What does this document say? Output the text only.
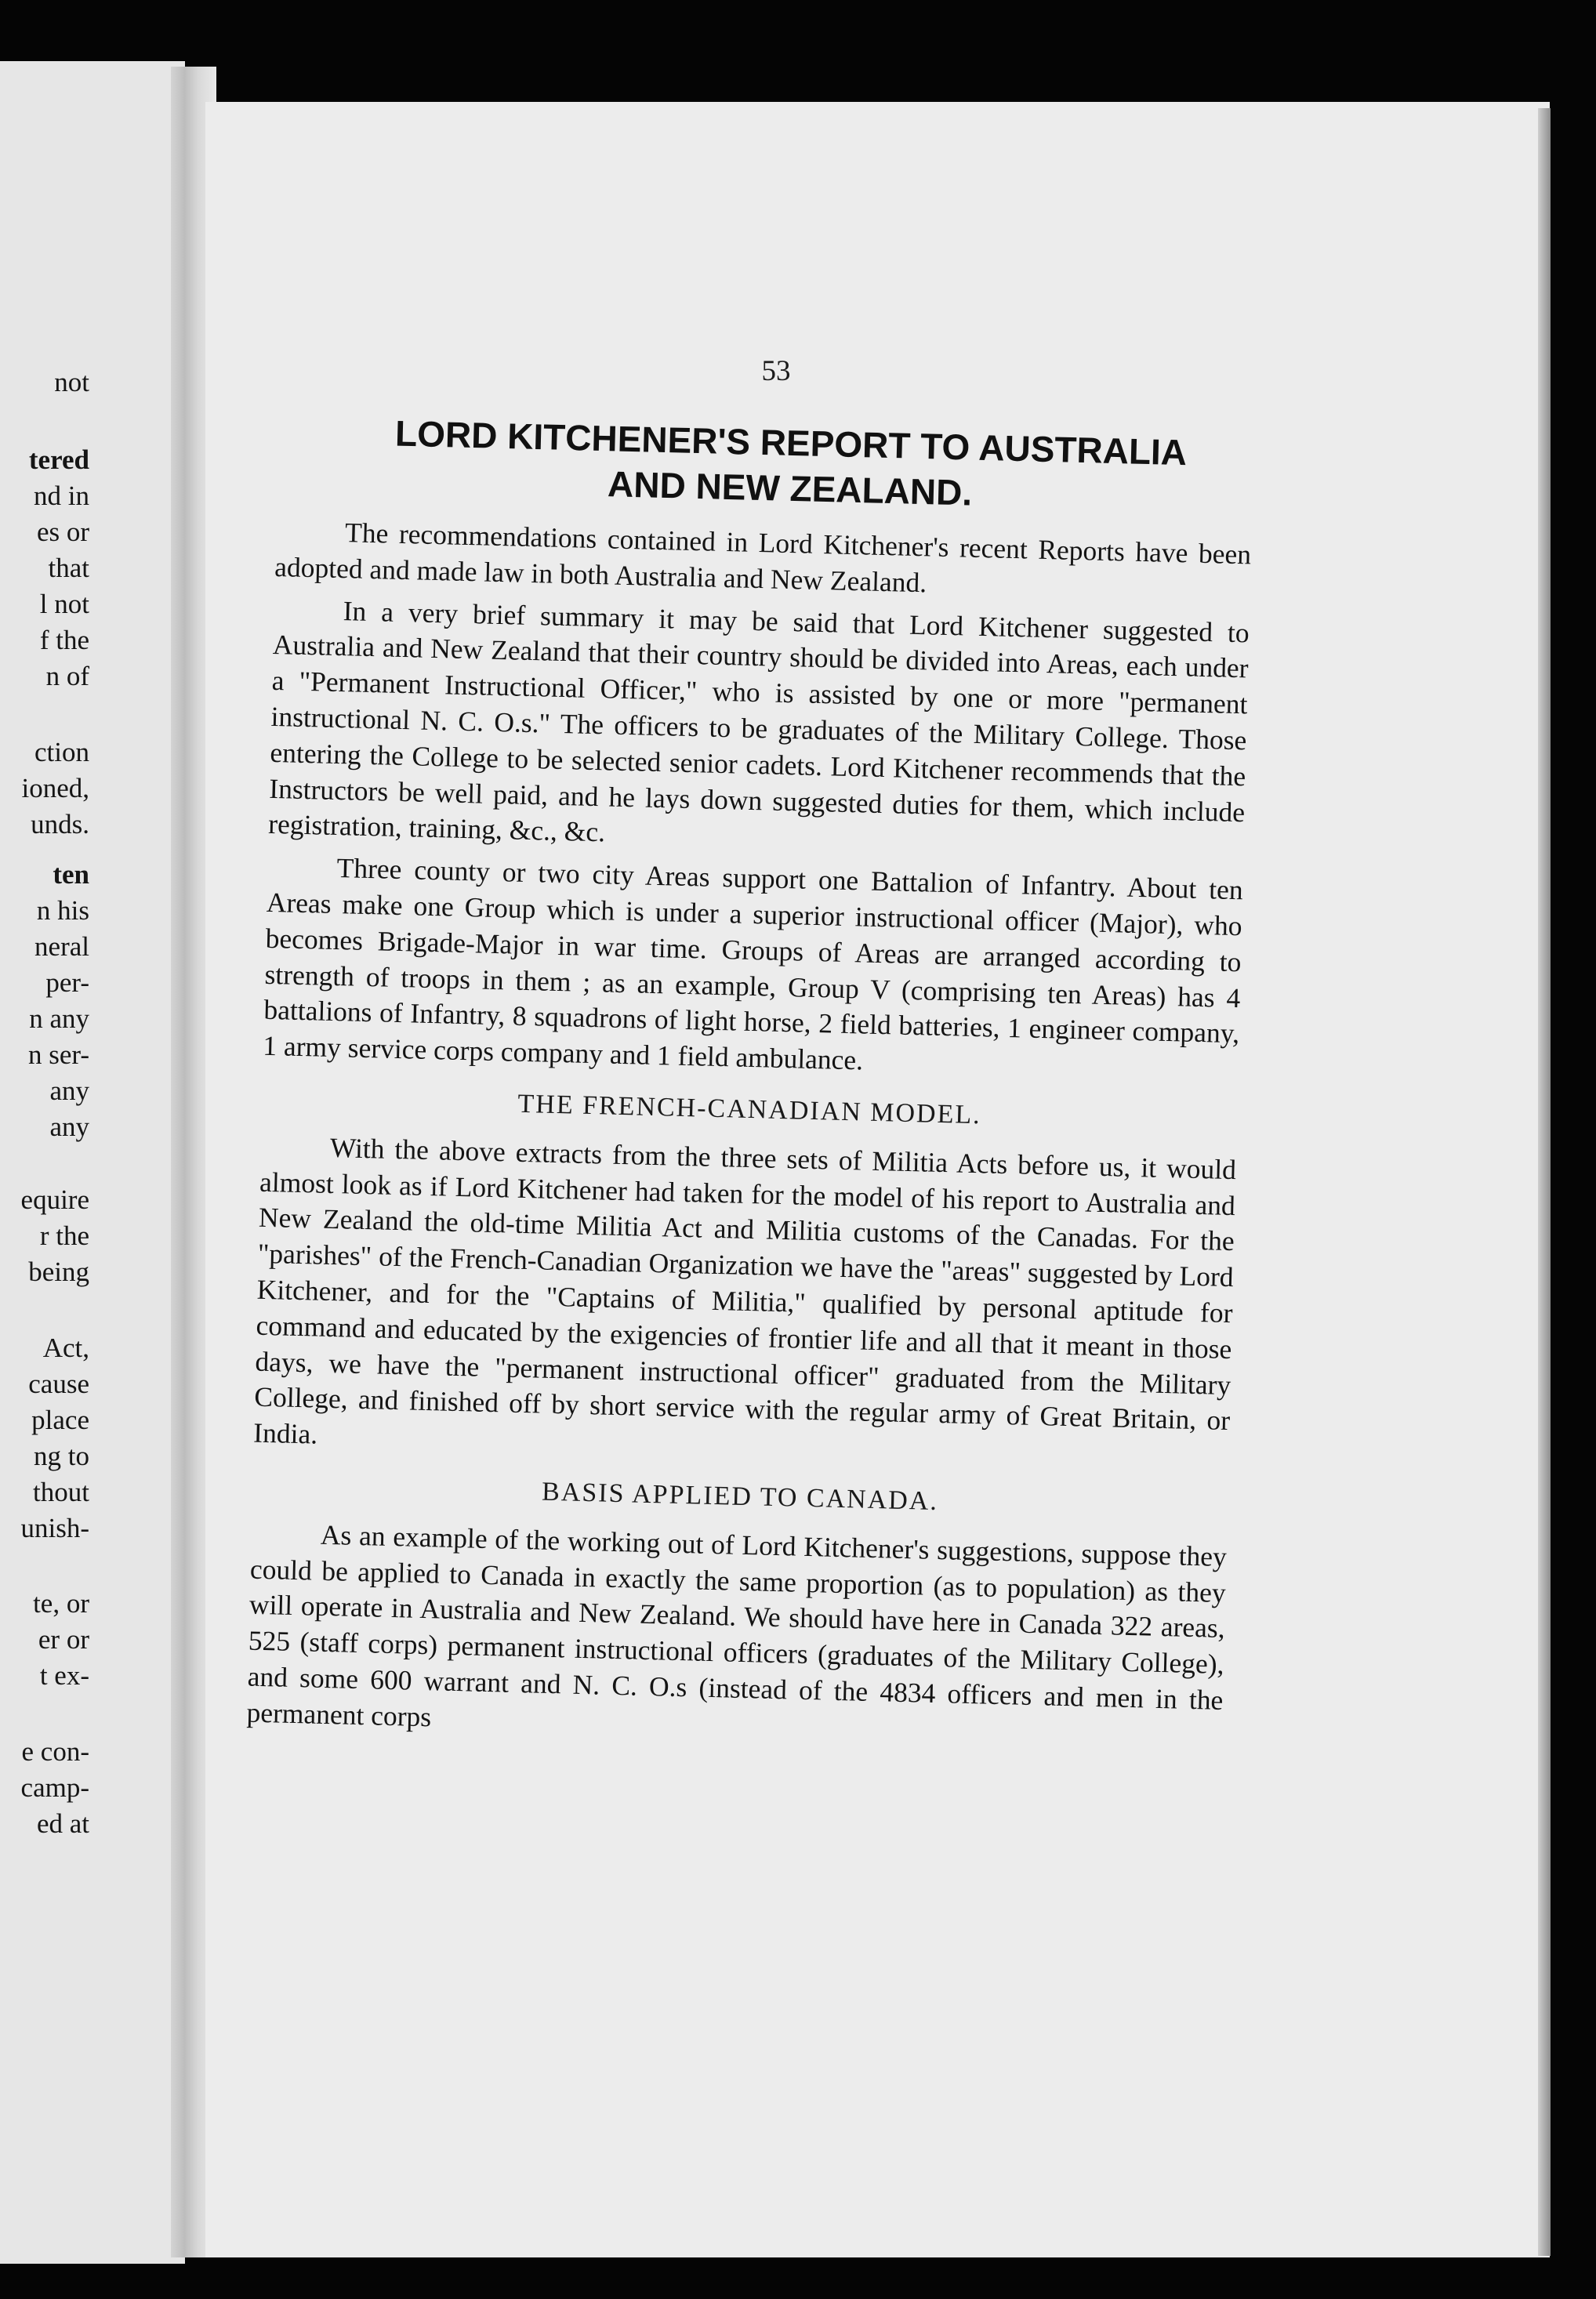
not
tered
nd in
es or
that
l not
f the
n of
ction
ioned,
unds.
ten
n his
neral
per-
n any
n ser-
any
any
equire
r the
being
Act,
cause
place
ng to
thout
unish-
te, or
er or
t ex-
e con-
camp-
ed at
53
LORD KITCHENER'S REPORT TO AUSTRALIA
AND NEW ZEALAND.

The recommendations contained in Lord Kitchener's recent Reports have been adopted and made law in both Australia and New Zealand.

In a very brief summary it may be said that Lord Kitchener suggested to Australia and New Zealand that their country should be divided into Areas, each under a "Permanent Instructional Officer," who is assisted by one or more "permanent instructional N. C. O.s." The officers to be graduates of the Military College. Those entering the College to be selected senior cadets. Lord Kitchener recommends that the Instructors be well paid, and he lays down suggested duties for them, which include registration, training, &c., &c.

Three county or two city Areas support one Battalion of Infantry. About ten Areas make one Group which is under a superior instructional officer (Major), who becomes Brigade-Major in war time. Groups of Areas are arranged according to strength of troops in them ; as an example, Group V (comprising ten Areas) has 4 battalions of Infantry, 8 squadrons of light horse, 2 field batteries, 1 engineer company, 1 army service corps company and 1 field ambulance.

THE FRENCH-CANADIAN MODEL.

With the above extracts from the three sets of Militia Acts before us, it would almost look as if Lord Kitchener had taken for the model of his report to Australia and New Zealand the old-time Militia Act and Militia customs of the Canadas. For the "parishes" of the French-Canadian Organization we have the "areas" suggested by Lord Kitchener, and for the "Captains of Militia," qualified by personal aptitude for command and educated by the exigencies of frontier life and all that it meant in those days, we have the "permanent instructional officer" graduated from the Military College, and finished off by short service with the regular army of Great Britain, or India.

BASIS APPLIED TO CANADA.

As an example of the working out of Lord Kitchener's suggestions, suppose they could be applied to Canada in exactly the same proportion (as to population) as they will operate in Australia and New Zealand. We should have here in Canada 322 areas, 525 (staff corps) permanent instructional officers (graduates of the Military College), and some 600 warrant and N. C. O.s (instead of the 4834 officers and men in the permanent corps
